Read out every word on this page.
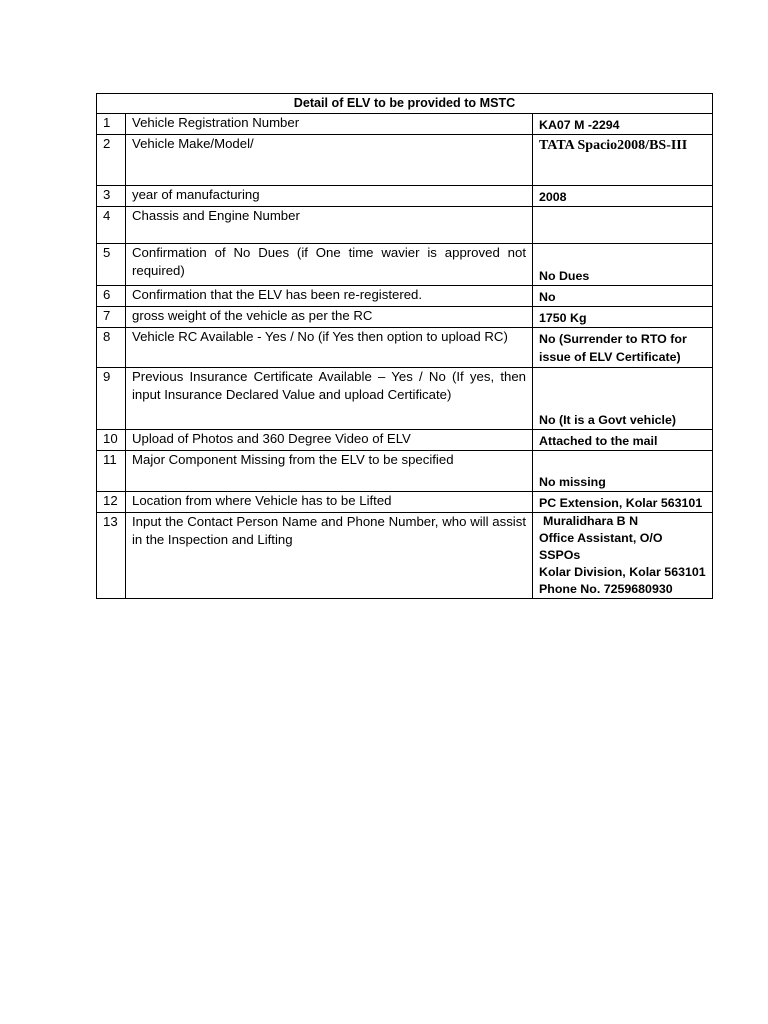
Detail of ELV to be provided to MSTC		
1	Vehicle Registration Number	KA07 M -2294

2	Vehicle Make/Model/	TATA Spacio2008/BS-III

3	year of manufacturing	2008

4	Chassis and Engine Number	

5	Confirmation of No Dues (if One time wavier is approved not required)	No Dues

6	Confirmation that the ELV has been re-registered.	No

7	gross weight of the vehicle as per the RC	1750 Kg

8	Vehicle RC Available - Yes / No (if Yes then option to upload RC)	No (Surrender to RTO for issue of ELV Certificate)

9	Previous Insurance Certificate Available – Yes / No (If yes, then input Insurance Declared Value and upload Certificate)	No (It is a Govt vehicle)

10	Upload of Photos and 360 Degree Video of ELV	Attached to the mail

11	Major Component Missing from the ELV to be specified	No missing

12	Location from where Vehicle has to be Lifted	PC Extension, Kolar 563101

13	Input the Contact Person Name and Phone Number, who will assist in the Inspection and Lifting	Muralidhara B N
Office Assistant, O/O SSPOs
Kolar Division, Kolar 563101
Phone No. 7259680930
